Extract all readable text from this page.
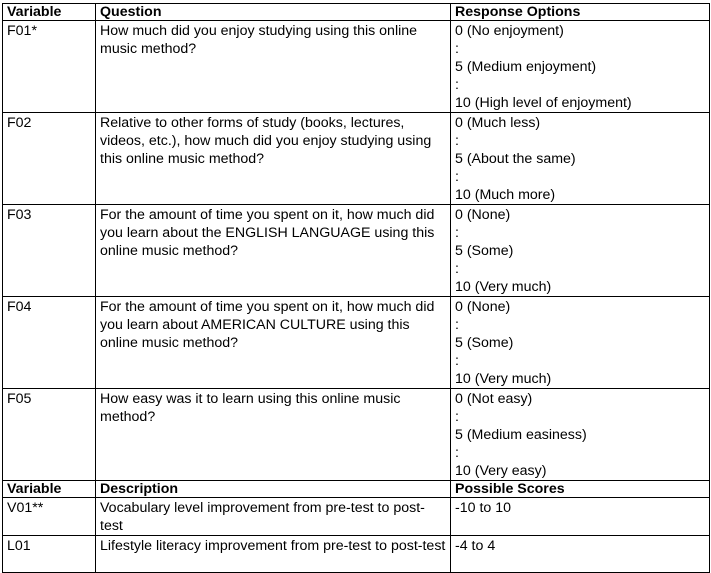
Variable	Question	Response Options
F01*	How much did you enjoy studying using this online music method?	0 (No enjoyment)
:
5 (Medium enjoyment)
:
10 (High level of enjoyment)

F02	Relative to other forms of study (books, lectures, videos, etc.), how much did you enjoy studying using this online music method?	0 (Much less)
:
5 (About the same)
:
10 (Much more)

F03	For the amount of time you spent on it, how much did you learn about the ENGLISH LANGUAGE using this online music method?	0 (None)
:
5 (Some)
:
10 (Very much)

F04	For the amount of time you spent on it, how much did you learn about AMERICAN CULTURE using this online music method?	0 (None)
:
5 (Some)
:
10 (Very much)

F05	How easy was it to learn using this online music method?	0 (Not easy)
:
5 (Medium easiness)
:
10 (Very easy)

Variable	Description	Possible Scores
V01**	Vocabulary level improvement from pre-test to post-test	-10 to 10
L01	Lifestyle literacy improvement from pre-test to post-test	-4 to 4
